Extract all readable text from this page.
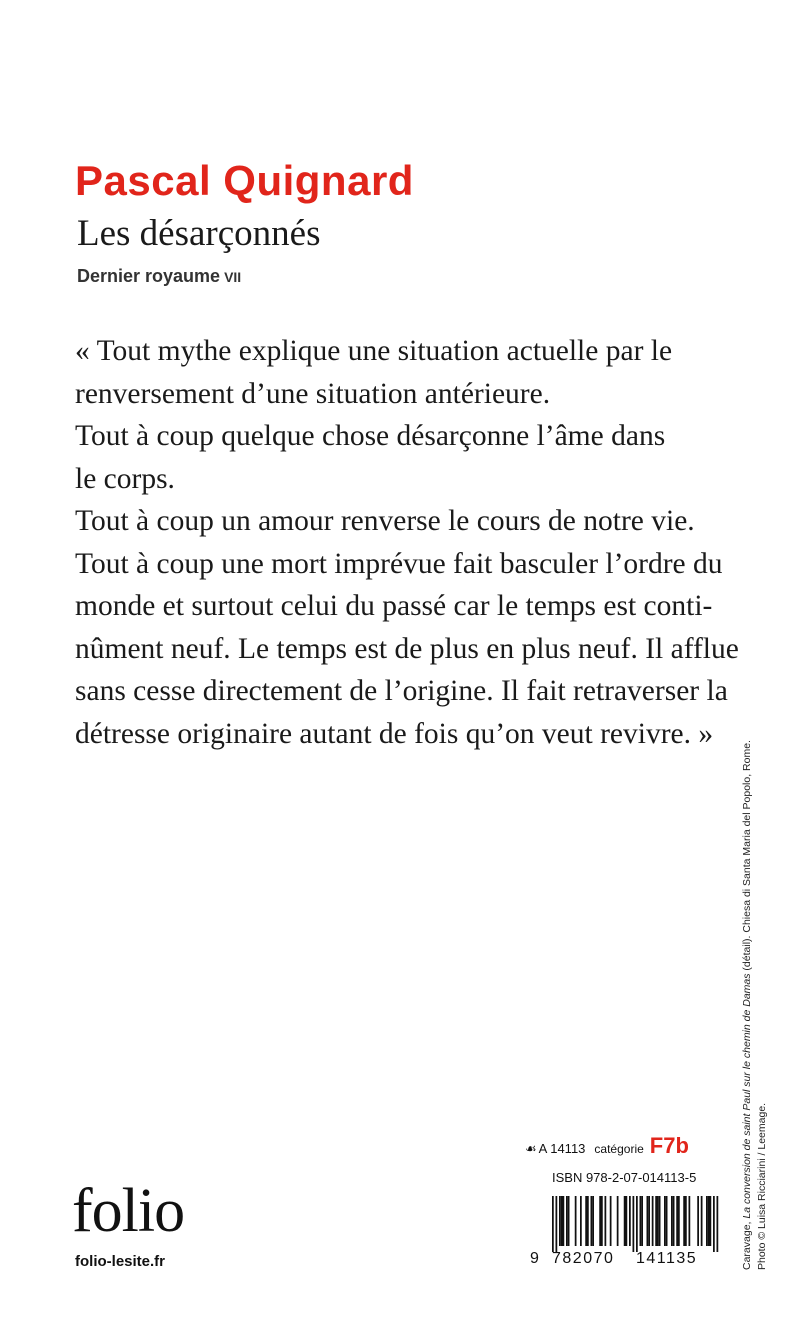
Pascal Quignard
Les désarçonnés
Dernier royaume VII

« Tout mythe explique une situation actuelle par le

renversement d’une situation antérieure.

Tout à coup quelque chose désarçonne l’âme dans

le corps.

Tout à coup un amour renverse le cours de notre vie.

Tout à coup une mort imprévue fait basculer l’ordre du

monde et surtout celui du passé car le temps est conti-

nûment neuf. Le temps est de plus en plus neuf. Il afflue

sans cesse directement de l’origine. Il fait retraverser la

détresse originaire autant de fois qu’on veut revivre. »

Caravage, La conversion de saint Paul sur le chemin de Damas (détail). Chiesa di Santa Maria del Popolo, Rome.
Photo © Luisa Ricciarini / Leemage.
folio
folio-lesite.fr
☙ A 14113 catégorie F7b
ISBN 978-2-07-014113-5
9 782070	141135
